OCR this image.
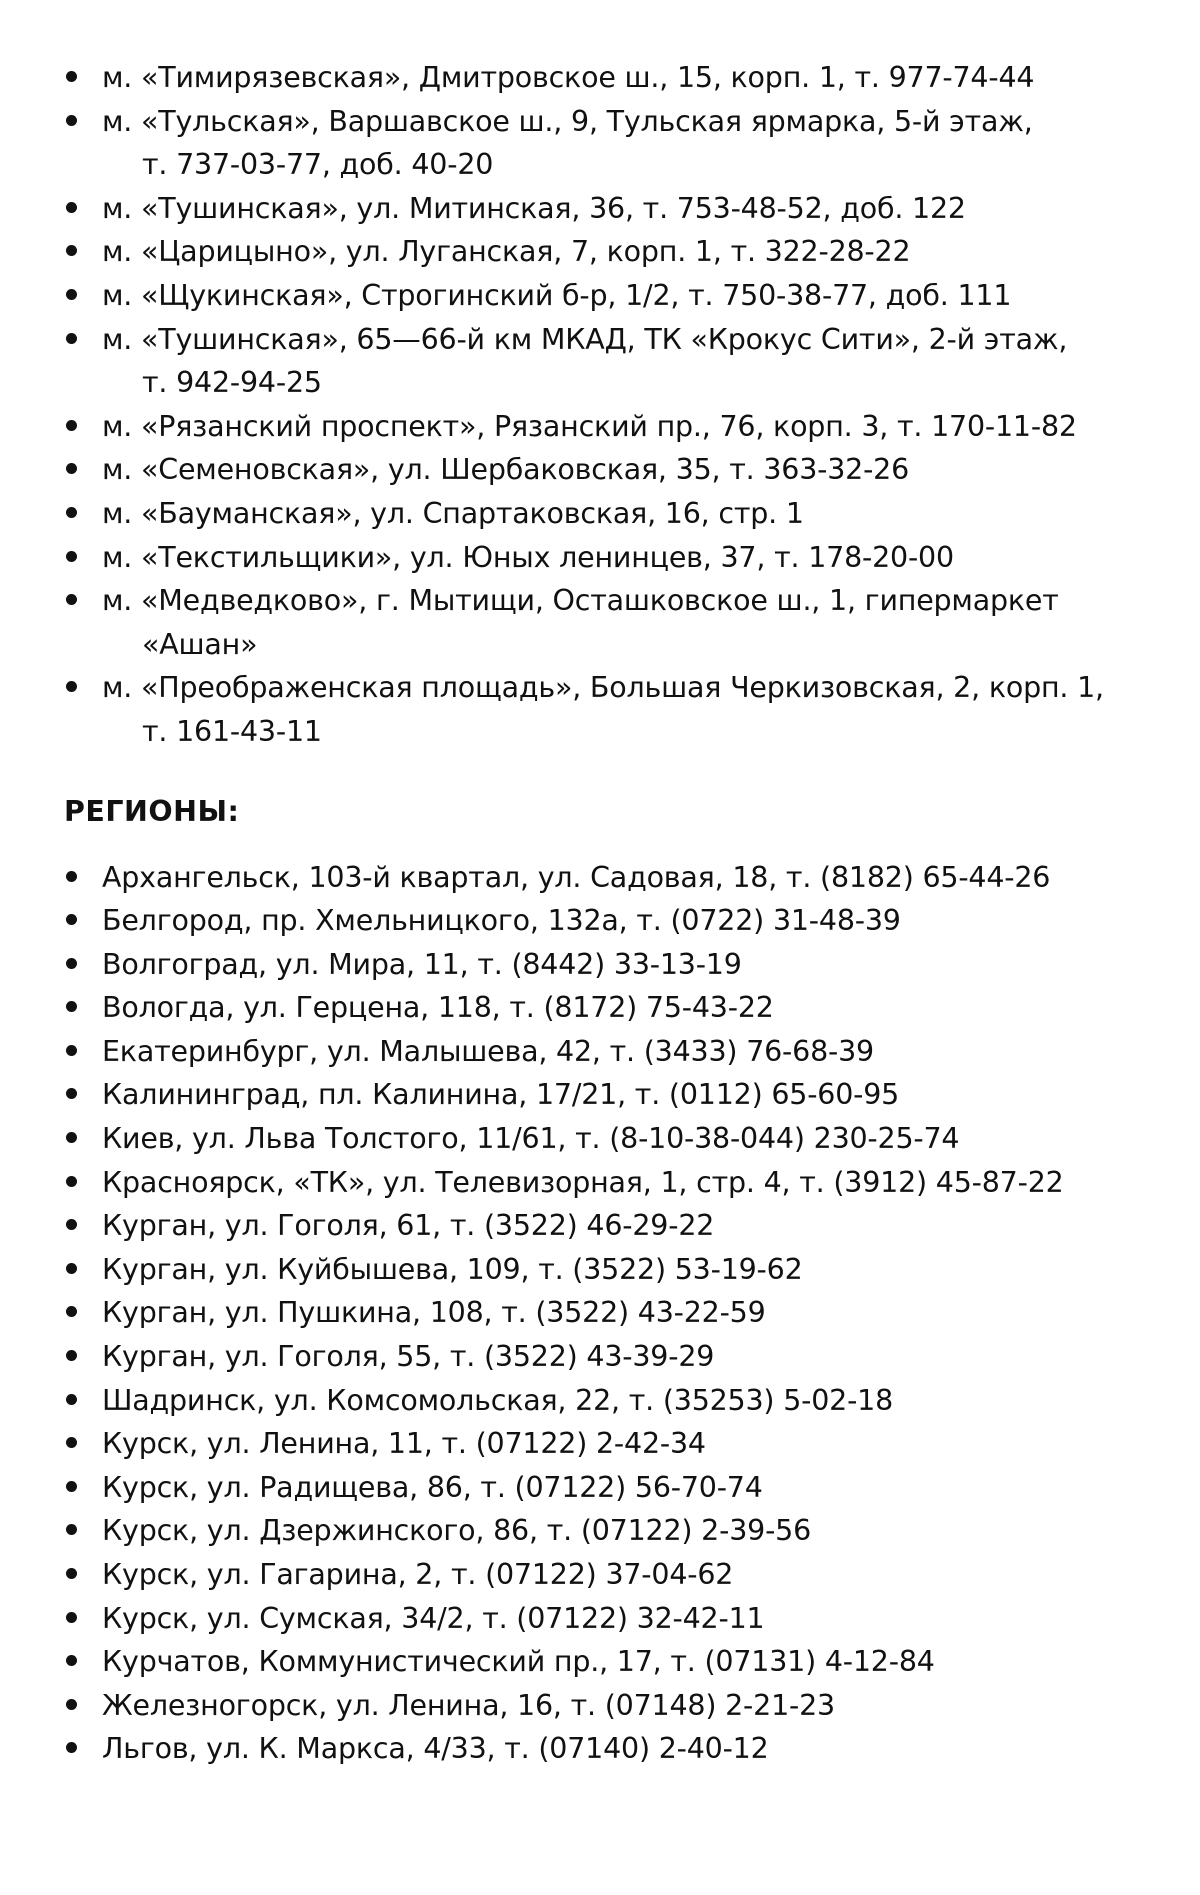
м. «Тимирязевская», Дмитровское ш., 15, корп. 1, т. 977-74-44
м. «Тульская», Варшавское ш., 9, Тульская ярмарка, 5-й этаж,
т. 737-03-77, доб. 40-20
м. «Тушинская», ул. Митинская, 36, т. 753-48-52, доб. 122
м. «Царицыно», ул. Луганская, 7, корп. 1, т. 322-28-22
м. «Щукинская», Строгинский б-р, 1/2, т. 750-38-77, доб. 111
м. «Тушинская», 65—66-й км МКАД, ТК «Крокус Сити», 2-й этаж,
т. 942-94-25
м. «Рязанский проспект», Рязанский пр., 76, корп. 3, т. 170-11-82
м. «Семеновская», ул. Шербаковская, 35, т. 363-32-26
м. «Бауманская», ул. Спартаковская, 16, стр. 1
м. «Текстильщики», ул. Юных ленинцев, 37, т. 178-20-00
м. «Медведково», г. Мытищи, Осташковское ш., 1, гипермаркет
«Ашан»
м. «Преображенская площадь», Большая Черкизовская, 2, корп. 1,
т. 161-43-11
РЕГИОНЫ:
Архангельск, 103-й квартал, ул. Садовая, 18, т. (8182) 65-44-26
Белгород, пр. Хмельницкого, 132а, т. (0722) 31-48-39
Волгоград, ул. Мира, 11, т. (8442) 33-13-19
Вологда, ул. Герцена, 118, т. (8172) 75-43-22
Екатеринбург, ул. Малышева, 42, т. (3433) 76-68-39
Калининград, пл. Калинина, 17/21, т. (0112) 65-60-95
Киев, ул. Льва Толстого, 11/61, т. (8-10-38-044) 230-25-74
Красноярск, «ТК», ул. Телевизорная, 1, стр. 4, т. (3912) 45-87-22
Курган, ул. Гоголя, 61, т. (3522) 46-29-22
Курган, ул. Куйбышева, 109, т. (3522) 53-19-62
Курган, ул. Пушкина, 108, т. (3522) 43-22-59
Курган, ул. Гоголя, 55, т. (3522) 43-39-29
Шадринск, ул. Комсомольская, 22, т. (35253) 5-02-18
Курск, ул. Ленина, 11, т. (07122) 2-42-34
Курск, ул. Радищева, 86, т. (07122) 56-70-74
Курск, ул. Дзержинского, 86, т. (07122) 2-39-56
Курск, ул. Гагарина, 2, т. (07122) 37-04-62
Курск, ул. Сумская, 34/2, т. (07122) 32-42-11
Курчатов, Коммунистический пр., 17, т. (07131) 4-12-84
Железногорск, ул. Ленина, 16, т. (07148) 2-21-23
Льгов, ул. К. Маркса, 4/33, т. (07140) 2-40-12
